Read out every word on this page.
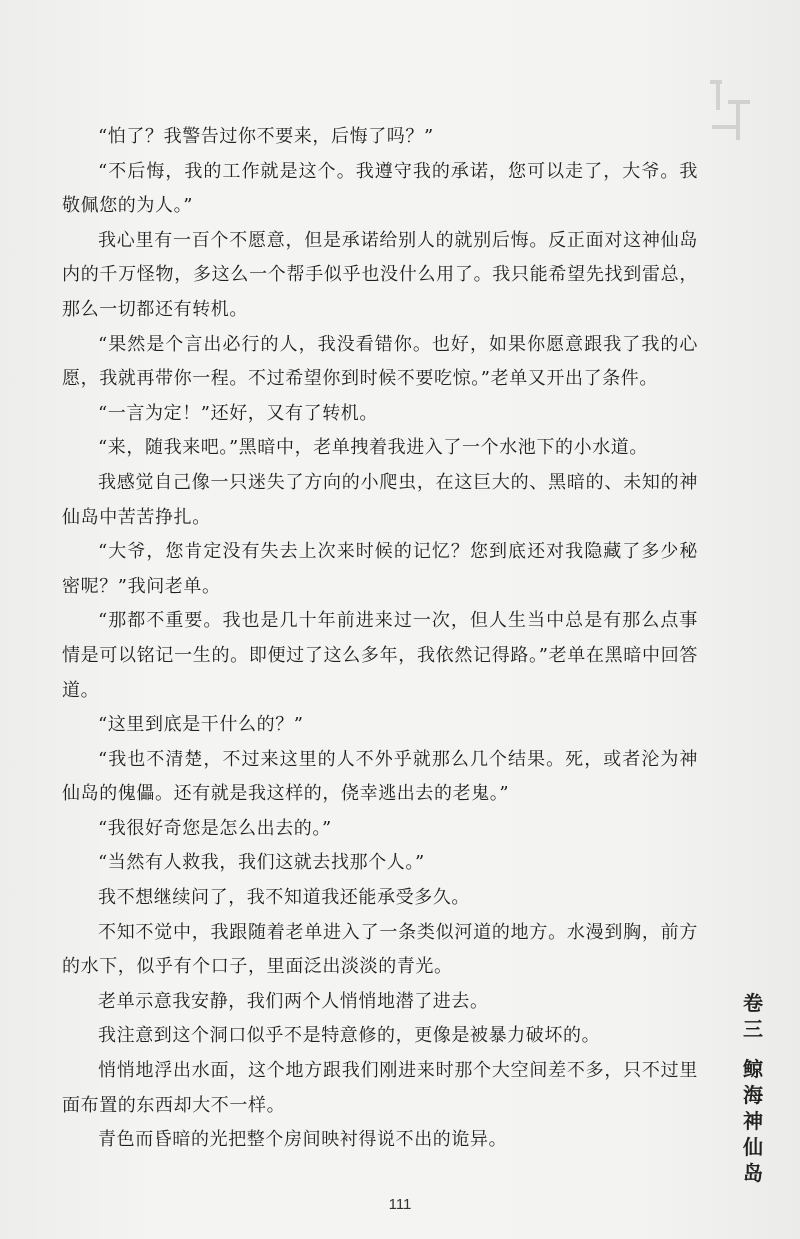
“怕了？我警告过你不要来，后悔了吗？”

“不后悔，我的工作就是这个。我遵守我的承诺，您可以走了，大爷。我敬佩您的为人。”

我心里有一百个不愿意，但是承诺给别人的就别后悔。反正面对这神仙岛内的千万怪物，多这么一个帮手似乎也没什么用了。我只能希望先找到雷总，那么一切都还有转机。

“果然是个言出必行的人，我没看错你。也好，如果你愿意跟我了我的心愿，我就再带你一程。不过希望你到时候不要吃惊。”老单又开出了条件。

“一言为定！”还好，又有了转机。

“来，随我来吧。”黑暗中，老单拽着我进入了一个水池下的小水道。

我感觉自己像一只迷失了方向的小爬虫，在这巨大的、黑暗的、未知的神仙岛中苦苦挣扎。

“大爷，您肯定没有失去上次来时候的记忆？您到底还对我隐藏了多少秘密呢？”我问老单。

“那都不重要。我也是几十年前进来过一次，但人生当中总是有那么点事情是可以铭记一生的。即便过了这么多年，我依然记得路。”老单在黑暗中回答道。

“这里到底是干什么的？”

“我也不清楚，不过来这里的人不外乎就那么几个结果。死，或者沦为神仙岛的傀儡。还有就是我这样的，侥幸逃出去的老鬼。”

“我很好奇您是怎么出去的。”

“当然有人救我，我们这就去找那个人。”

我不想继续问了，我不知道我还能承受多久。

不知不觉中，我跟随着老单进入了一条类似河道的地方。水漫到胸，前方的水下，似乎有个口子，里面泛出淡淡的青光。

老单示意我安静，我们两个人悄悄地潜了进去。

我注意到这个洞口似乎不是特意修的，更像是被暴力破坏的。

悄悄地浮出水面，这个地方跟我们刚进来时那个大空间差不多，只不过里面布置的东西却大不一样。

青色而昏暗的光把整个房间映衬得说不出的诡异。

卷三
鲸
海
神
仙
岛
111
